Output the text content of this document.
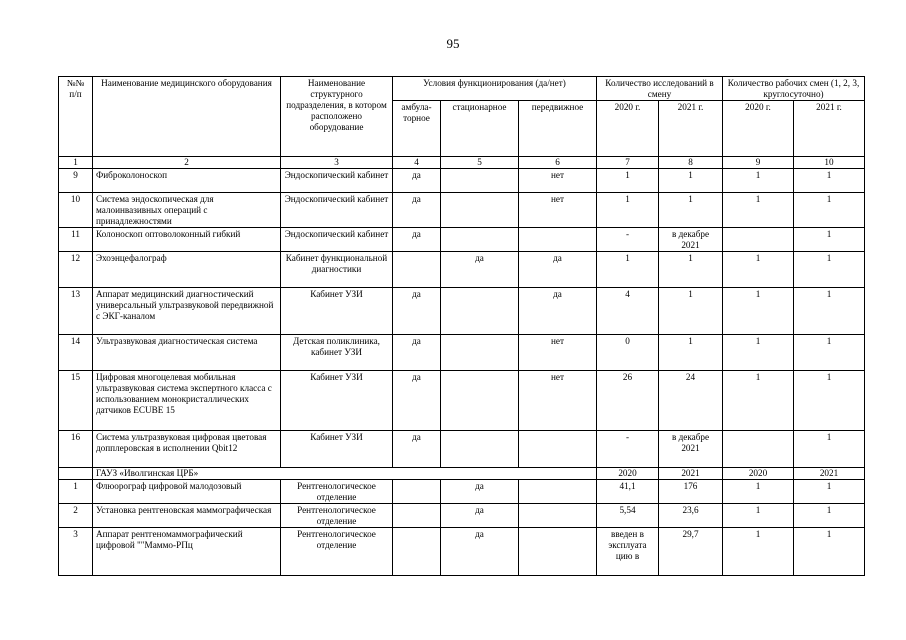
95
№№ п/п	Наименование медицинского оборудования	Наименование структурного подразделения, в котором расположено оборудование	Условия функционирования (да/нет)			Количество исследований в смену		Количество рабочих смен (1, 2, 3, круглосуточно)	
			амбула-торное	стационарное	передвижное	2020 г.	2021 г.	2020 г.	2021 г.
1	2	3	4	5	6	7	8	9	10
9	Фиброколоноскоп	Эндоскопический кабинет	да		нет	1	1	1	1
10	Система эндоскопическая для малоинвазивных операций с принадлежностями	Эндоскопический кабинет	да		нет	1	1	1	1
11	Колоноскоп оптоволоконный гибкий	Эндоскопический кабинет	да			-	в декабре 2021		1
12	Эхоэнцефалограф	Кабинет функциональной диагностики		да	да	1	1	1	1
13	Аппарат медицинский диагностический универсальный ультразвуковой передвижной с ЭКГ-каналом	Кабинет УЗИ	да		да	4	1	1	1
14	Ультразвуковая диагностическая система	Детская поликлиника, кабинет УЗИ	да		нет	0	1	1	1
15	Цифровая многоцелевая мобильная ультразвуковая система экспертного класса с использованием монокристаллических датчиков ECUBE 15	Кабинет УЗИ	да		нет	26	24	1	1
16	Система ультразвуковая цифровая цветовая допплеровская в исполнении Qbit12	Кабинет УЗИ	да			-	в декабре 2021		1
	ГАУЗ «Иволгинская ЦРБ»					2020	2021	2020	2021
1	Флюорограф цифровой малодозовый	Рентгенологическое отделение		да		41,1	176	1	1
2	Установка рентгеновская маммографическая	Рентгенологическое отделение		да		5,54	23,6	1	1
3	Аппарат рентгеномаммографический цифровой ""Маммо-РПц	Рентгенологическое отделение		да		введен в эксплуата цию в	29,7	1	1
